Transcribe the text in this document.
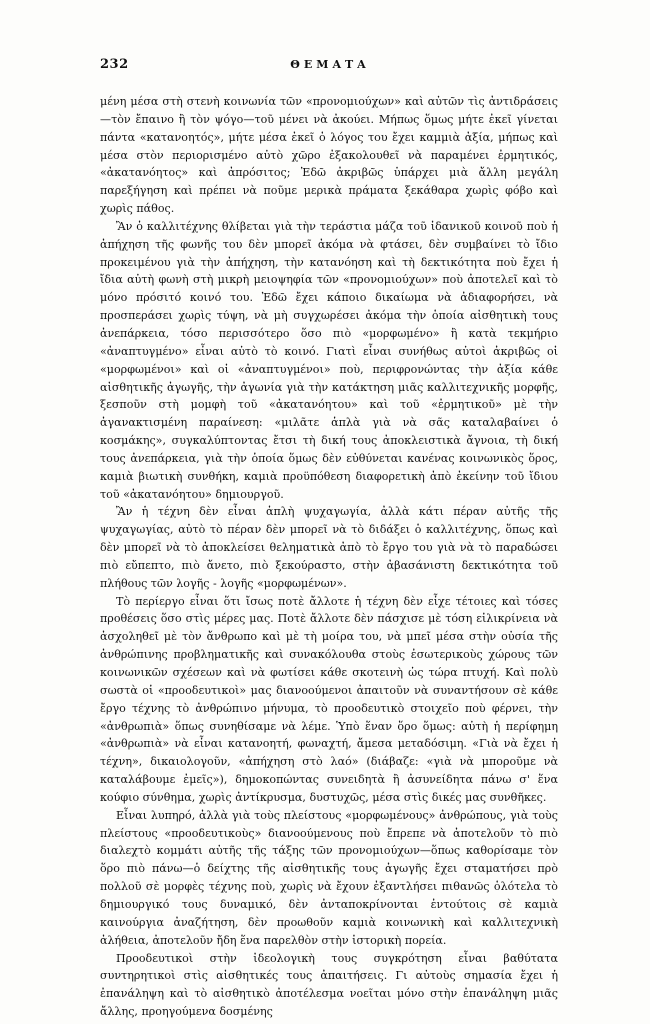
232	ΘΕΜΑΤΑ

μένη μέσα στὴ στενὴ κοινωνία τῶν «προνομιούχων» καὶ αὐτῶν τὶς ἀντιδράσεις—τὸν ἔπαινο ἢ τὸν ψόγο—τοῦ μένει νὰ ἀκούει. Μήπως ὅμως μήτε ἐκεῖ γίνεται πάντα «κατανοητός», μήτε μέσα ἐκεῖ ὁ λόγος του ἔχει καμμιὰ ἀξία, μήπως καὶ μέσα στὸν περιορισμένο αὐτὸ χῶρο ἐξακολουθεῖ νὰ παραμένει ἐρμητικός, «ἀκατανόητος» καὶ ἀπρόσιτος; Ἐδῶ ἀκριβῶς ὑπάρχει μιὰ ἄλλη μεγάλη παρεξήγηση καὶ πρέπει νὰ ποῦμε μερικὰ πράματα ξεκάθαρα χωρὶς φόβο καὶ χωρὶς πάθος.

Ἂν ὁ καλλιτέχνης θλίβεται γιὰ τὴν τεράστια μάζα τοῦ ἰδανικοῦ κοινοῦ ποὺ ἡ ἀπήχηση τῆς φωνῆς του δὲν μπορεῖ ἀκόμα νὰ φτάσει, δὲν συμβαίνει τὸ ἴδιο προκειμένου γιὰ τὴν ἀπήχηση, τὴν κατανόηση καὶ τὴ δεκτικότητα ποὺ ἔχει ἡ ἴδια αὐτὴ φωνὴ στὴ μικρὴ μειοψηφία τῶν «προνομιούχων» ποὺ ἀποτελεῖ καὶ τὸ μόνο πρόσιτό κοινό του. Ἐδῶ ἔχει κάποιο δικαίωμα νὰ ἀδιαφορήσει, νὰ προσπεράσει χωρὶς τύψη, νὰ μὴ συγχωρέσει ἀκόμα τὴν ὁποία αἰσθητικὴ τους ἀνεπάρκεια, τόσο περισσότερο ὅσο πιὸ «μορφωμένο» ἢ κατὰ τεκμήριο «ἀναπτυγμένο» εἶναι αὐτὸ τὸ κοινό. Γιατὶ εἶναι συνήθως αὐτοὶ ἀκριβῶς οἱ «μορφωμένοι» καὶ οἱ «ἀναπτυγμένοι» ποὺ, περιφρονώντας τὴν ἀξία κάθε αἰσθητικῆς ἀγωγῆς, τὴν ἀγωνία γιὰ τὴν κατάκτηση μιᾶς καλλιτεχνικῆς μορφῆς, ξεσποῦν στὴ μομφὴ τοῦ «ἀκατανόητου» καὶ τοῦ «ἐρμητικοῦ» μὲ τὴν ἀγανακτισμένη παραίνεση: «μιλᾶτε ἁπλὰ γιὰ νὰ σᾶς καταλαβαίνει ὁ κοσμάκης», συγκαλύπτοντας ἔτσι τὴ δική τους ἀποκλειστικὰ ἄγνοια, τὴ δική τους ἀνεπάρκεια, γιὰ τὴν ὁποία ὅμως δὲν εὐθύνεται κανένας κοινωνικὸς ὅρος, καμιὰ βιωτικὴ συνθήκη, καμιὰ προϋπόθεση διαφορετικὴ ἀπὸ ἐκείνην τοῦ ἴδιου τοῦ «ἀκατανόητου» δημιουργοῦ.

Ἂν ἡ τέχνη δὲν εἶναι ἁπλὴ ψυχαγωγία, ἀλλὰ κάτι πέραν αὐτῆς τῆς ψυχαγωγίας, αὐτὸ τὸ πέραν δὲν μπορεῖ νὰ τὸ διδάξει ὁ καλλιτέχνης, ὅπως καὶ δὲν μπορεῖ νὰ τὸ ἀποκλείσει θεληματικὰ ἀπὸ τὸ ἔργο του γιὰ νὰ τὸ παραδώσει πιὸ εὔπεπτο, πιὸ ἄνετο, πιὸ ξεκούραστο, στὴν ἀβασάνιστη δεκτικότητα τοῦ πλήθους τῶν λογῆς - λογῆς «μορφωμένων».

Τὸ περίεργο εἶναι ὅτι ἴσως ποτὲ ἄλλοτε ἡ τέχνη δὲν εἶχε τέτοιες καὶ τόσες προθέσεις ὅσο στὶς μέρες μας. Ποτὲ ἄλλοτε δὲν πάσχισε μὲ τόση εἰλικρίνεια νὰ ἀσχοληθεῖ μὲ τὸν ἄνθρωπο καὶ μὲ τὴ μοίρα του, νὰ μπεῖ μέσα στὴν οὐσία τῆς ἀνθρώπινης προβληματικῆς καὶ συνακόλουθα στοὺς ἐσωτερικοὺς χώρους τῶν κοινωνικῶν σχέσεων καὶ νὰ φωτίσει κάθε σκοτεινὴ ὡς τώρα πτυχή. Καὶ πολὺ σωστὰ οἱ «προοδευτικοὶ» μας διανοούμενοι ἀπαιτοῦν νὰ συναντήσουν σὲ κάθε ἔργο τέχνης τὸ ἀνθρώπινο μήνυμα, τὸ προοδευτικὸ στοιχεῖο ποὺ φέρνει, τὴν «ἀνθρωπιὰ» ὅπως συνηθίσαμε νὰ λέμε. Ὑπὸ ἕναν ὅρο ὅμως: αὐτὴ ἡ περίφημη «ἀνθρωπιὰ» νὰ εἶναι κατανοητή, φωναχτή, ἄμεσα μεταδόσιμη. «Γιὰ νὰ ἔχει ἡ τέχνη», δικαιολογοῦν, «ἀπήχηση στὸ λαό» (διάβαζε: «γιὰ νὰ μποροῦμε νὰ καταλάβουμε ἐμεῖς»), δημοκοπώντας συνειδητὰ ἢ ἀσυνείδητα πάνω σ' ἕνα κούφιο σύνθημα, χωρὶς ἀντίκρυσμα, δυστυχῶς, μέσα στὶς δικές μας συνθῆκες.

Εἶναι λυπηρό, ἀλλὰ γιὰ τοὺς πλείστους «μορφωμένους» ἀνθρώπους, γιὰ τοὺς πλείστους «προοδευτικοὺς» διανοούμενους ποὺ ἔπρεπε νὰ ἀποτελοῦν τὸ πιὸ διαλεχτὸ κομμάτι αὐτῆς τῆς τάξης τῶν προνομιούχων—ὅπως καθορίσαμε τὸν ὅρο πιὸ πάνω—ὁ δείχτης τῆς αἰσθητικῆς τους ἀγωγῆς ἔχει σταματήσει πρὸ πολλοῦ σὲ μορφὲς τέχνης ποὺ, χωρὶς νὰ ἔχουν ἐξαντλήσει πιθανῶς ὁλότελα τὸ δημιουργικό τους δυναμικό, δὲν ἀνταποκρίνονται ἐντούτοις σὲ καμιὰ καινούργια ἀναζήτηση, δὲν προωθοῦν καμιὰ κοινωνικὴ καὶ καλλιτεχνικὴ ἀλήθεια, ἀποτελοῦν ἤδη ἕνα παρελθὸν στὴν ἱστορικὴ πορεία.

Προοδευτικοὶ στὴν ἰδεολογικὴ τους συγκρότηση εἶναι βαθύτατα συντηρητικοὶ στὶς αἰσθητικές τους ἀπαιτήσεις. Γι αὐτοὺς σημασία ἔχει ἡ ἐπανάληψη καὶ τὸ αἰσθητικὸ ἀποτέλεσμα νοεῖται μόνο στὴν ἐπανάληψη μιᾶς ἄλλης, προηγούμενα δοσμένης
